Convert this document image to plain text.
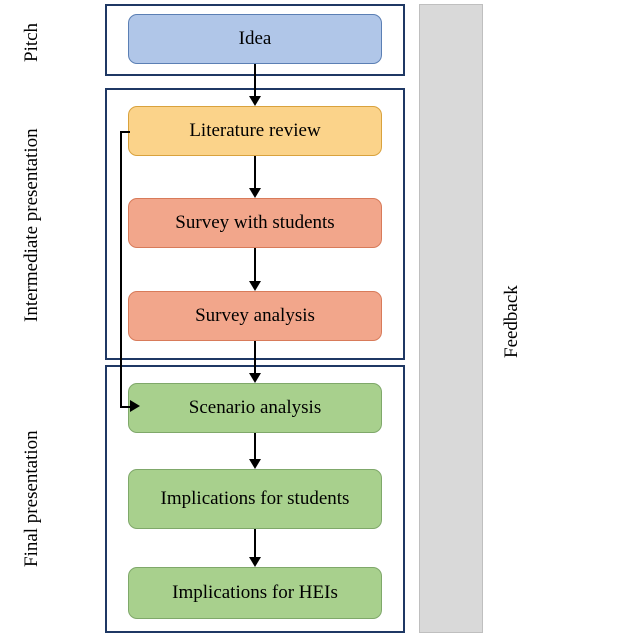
Idea
Literature review
Survey with students
Survey analysis
Scenario analysis
Implications for students
Implications for HEIs
Pitch
Intermediate presentation
Final presentation
Feedback
